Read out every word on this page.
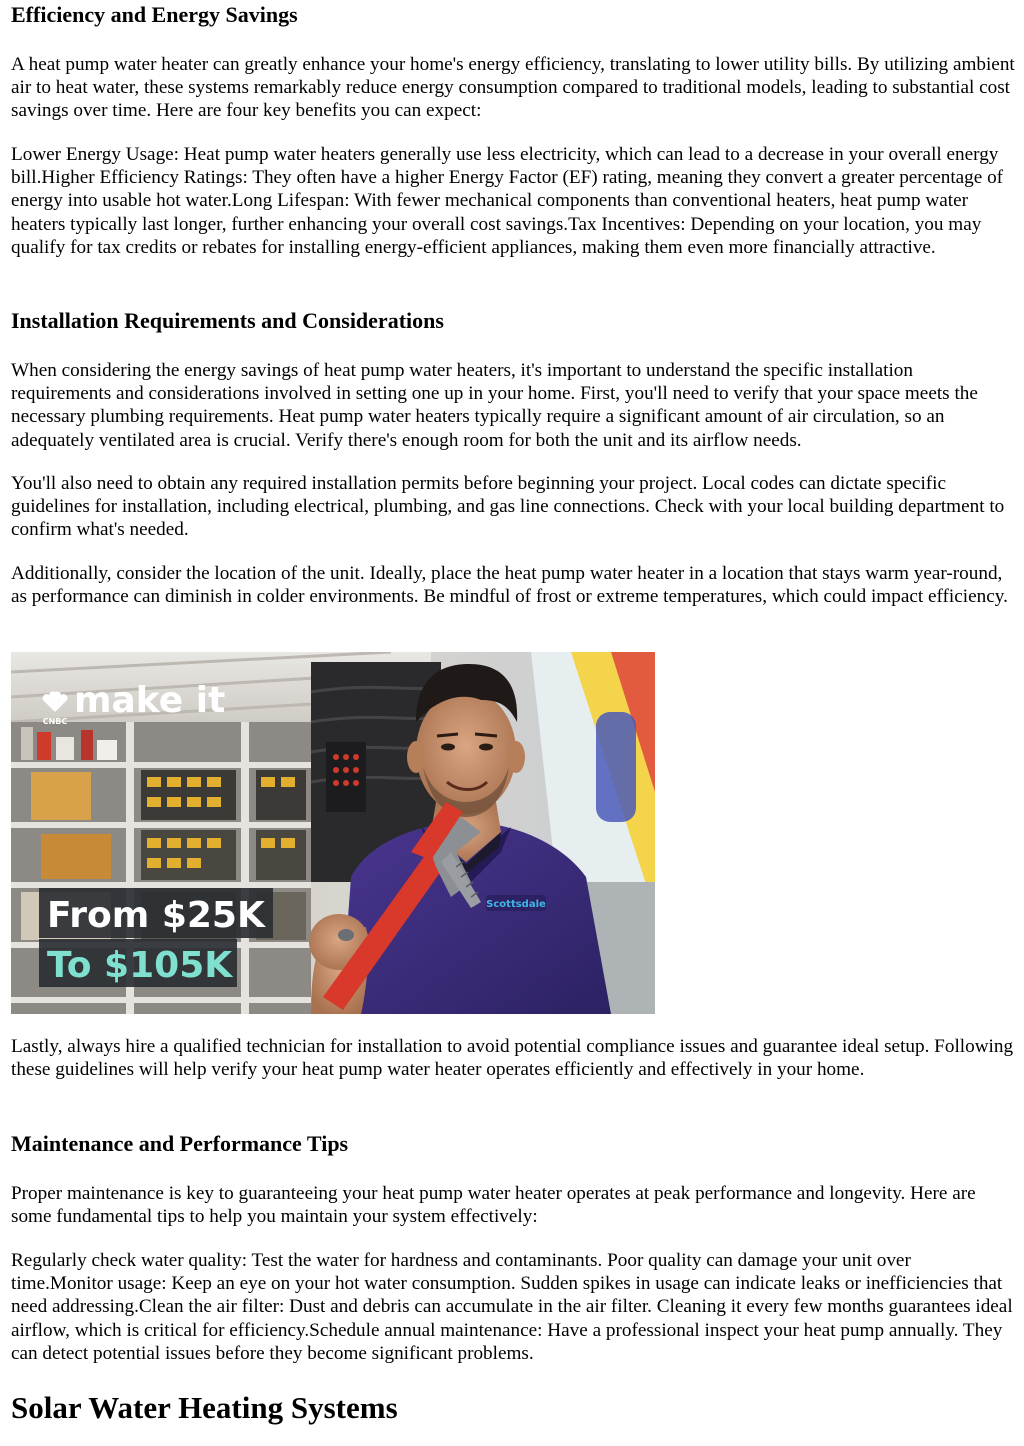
Efficiency and Energy Savings

A heat pump water heater can greatly enhance your home's energy efficiency, translating to lower utility bills. By utilizing ambient air to heat water, these systems remarkably reduce energy consumption compared to traditional models, leading to substantial cost savings over time. Here are four key benefits you can expect:

Lower Energy Usage: Heat pump water heaters generally use less electricity, which can lead to a decrease in your overall energy bill.Higher Efficiency Ratings: They often have a higher Energy Factor (EF) rating, meaning they convert a greater percentage of energy into usable hot water.Long Lifespan: With fewer mechanical components than conventional heaters, heat pump water heaters typically last longer, further enhancing your overall cost savings.Tax Incentives: Depending on your location, you may qualify for tax credits or rebates for installing energy-efficient appliances, making them even more financially attractive.

Installation Requirements and Considerations

When considering the energy savings of heat pump water heaters, it's important to understand the specific installation requirements and considerations involved in setting one up in your home. First, you'll need to verify that your space meets the necessary plumbing requirements. Heat pump water heaters typically require a significant amount of air circulation, so an adequately ventilated area is crucial. Verify there's enough room for both the unit and its airflow needs.

You'll also need to obtain any required installation permits before beginning your project. Local codes can dictate specific guidelines for installation, including electrical, plumbing, and gas line connections. Check with your local building department to confirm what's needed.

Additionally, consider the location of the unit. Ideally, place the heat pump water heater in a location that stays warm year-round, as performance can diminish in colder environments. Be mindful of frost or extreme temperatures, which could impact efficiency.

Scottsdale
CNBC
make it
From $25K
To $105K

Lastly, always hire a qualified technician for installation to avoid potential compliance issues and guarantee ideal setup. Following these guidelines will help verify your heat pump water heater operates efficiently and effectively in your home.

Maintenance and Performance Tips

Proper maintenance is key to guaranteeing your heat pump water heater operates at peak performance and longevity. Here are some fundamental tips to help you maintain your system effectively:

Regularly check water quality: Test the water for hardness and contaminants. Poor quality can damage your unit over time.Monitor usage: Keep an eye on your hot water consumption. Sudden spikes in usage can indicate leaks or inefficiencies that need addressing.Clean the air filter: Dust and debris can accumulate in the air filter. Cleaning it every few months guarantees ideal airflow, which is critical for efficiency.Schedule annual maintenance: Have a professional inspect your heat pump annually. They can detect potential issues before they become significant problems.

Solar Water Heating Systems
